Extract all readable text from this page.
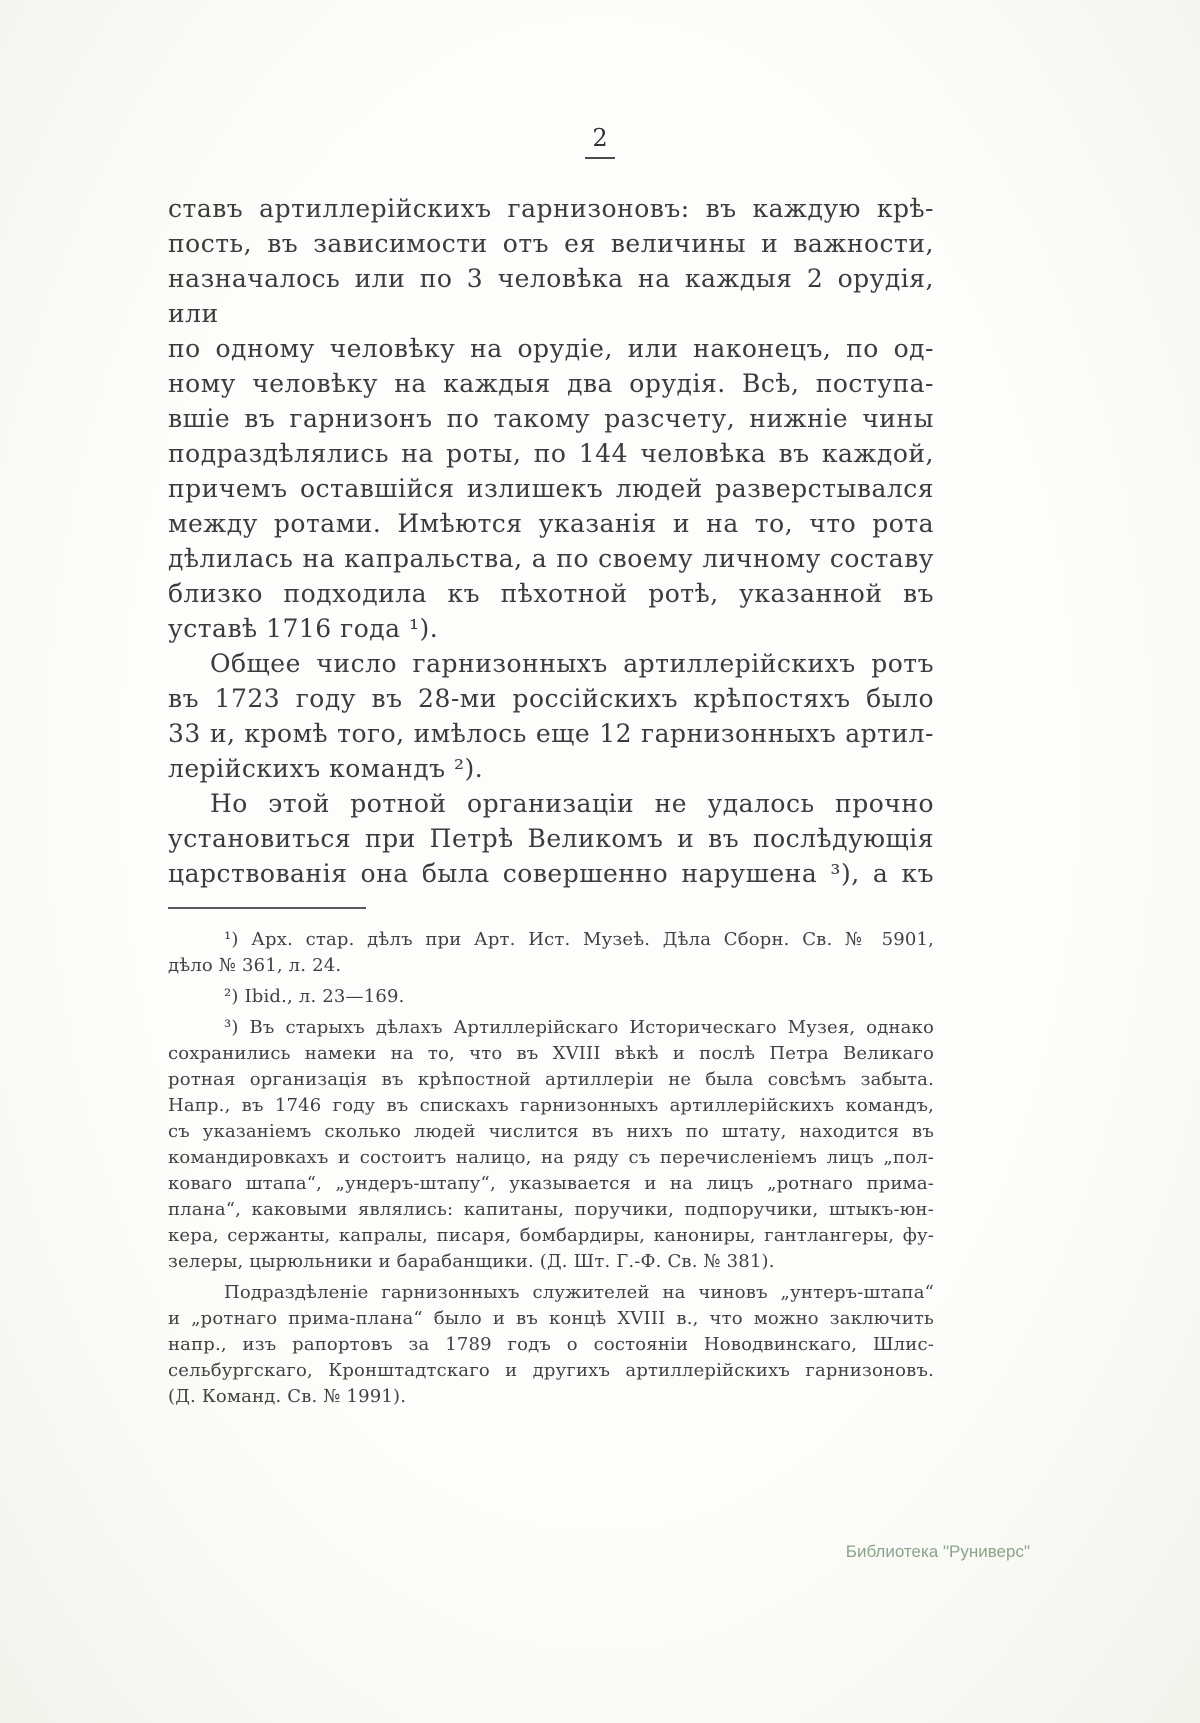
2
ставъ артиллерійскихъ гарнизоновъ: въ каждую крѣ-
пость, въ зависимости отъ ея величины и важности,
назначалось или по 3 человѣка на каждыя 2 орудія, или
по одному человѣку на орудіе, или наконецъ, по од-
ному человѣку на каждыя два орудія. Всѣ, поступа-
вшіе въ гарнизонъ по такому разсчету, нижніе чины
подраздѣлялись на роты, по 144 человѣка въ каждой,
причемъ оставшійся излишекъ людей разверстывался
между ротами. Имѣются указанія и на то, что рота
дѣлилась на капральства, а по своему личному составу
близко подходила къ пѣхотной ротѣ, указанной въ
уставѣ 1716 года ¹).
Общее число гарнизонныхъ артиллерійскихъ ротъ
въ 1723 году въ 28-ми россійскихъ крѣпостяхъ было
33 и, кромѣ того, имѣлось еще 12 гарнизонныхъ артил-
лерійскихъ командъ ²).
Но этой ротной организаціи не удалось прочно
установиться при Петрѣ Великомъ и въ послѣдующія
царствованія она была совершенно нарушена ³), а къ
¹) Арх. стар. дѣлъ при Арт. Ист. Музеѣ. Дѣла Сборн. Св. № 5901,
дѣло № 361, л. 24.
²) Ibid., л. 23—169.
³) Въ старыхъ дѣлахъ Артиллерійскаго Историческаго Музея, однако
сохранились намеки на то, что въ XVIII вѣкѣ и послѣ Петра Великаго
ротная организація въ крѣпостной артиллеріи не была совсѣмъ забыта.
Напр., въ 1746 году въ спискахъ гарнизонныхъ артиллерійскихъ командъ,
съ указаніемъ сколько людей числится въ нихъ по штату, находится въ
командировкахъ и состоитъ налицо, на ряду съ перечисленіемъ лицъ „пол-
коваго штапа“, „ундеръ-штапу“, указывается и на лицъ „ротнаго прима-
плана“, каковыми являлись: капитаны, поручики, подпоручики, штыкъ-юн-
кера, сержанты, капралы, писаря, бомбардиры, канониры, гантлангеры, фу-
зелеры, цырюльники и барабанщики. (Д. Шт. Г.-Ф. Св. № 381).
Подраздѣленіе гарнизонныхъ служителей на чиновъ „унтеръ-штапа“
и „ротнаго прима-плана“ было и въ концѣ XVIII в., что можно заключить
напр., изъ рапортовъ за 1789 годъ о состояніи Новодвинскаго, Шлис-
сельбургскаго, Кронштадтскаго и другихъ артиллерійскихъ гарнизоновъ.
(Д. Команд. Св. № 1991).
Библиотека "Руниверс"
